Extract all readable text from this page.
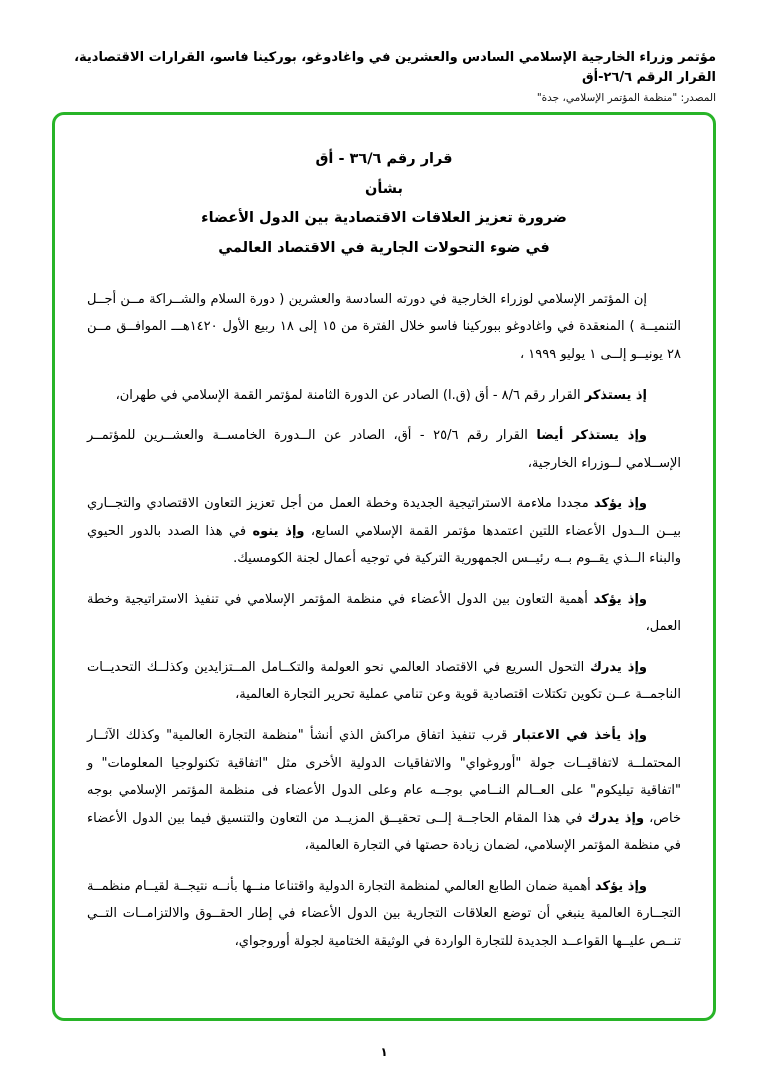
مؤتمر وزراء الخارجية الإسلامي السادس والعشرين في واغادوغو، بوركينا فاسو، القرارات الاقتصادية، القرار الرقم ٢٦/٦-أق
المصدر: "منظمة المؤتمر الإسلامي، جدة"
قرار رقم ٣٦/٦ - أق
بشأن
ضرورة تعزيز العلاقات الاقتصادية بين الدول الأعضاء
في ضوء التحولات الجارية في الاقتصاد العالمي

إن المؤتمر الإسلامي لوزراء الخارجية في دورته السادسة والعشرين ( دورة السلام والشــراكة مــن أجــل التنميــة ) المنعقدة في واغادوغو ببوركينا فاسو خلال الفترة من ١٥ إلى ١٨ ربيع الأول ١٤٢٠هـــ الموافــق مــن ٢٨ يونيــو إلــى ١ يوليو ١٩٩٩ ،

إذ يستذكر القرار رقم ٨/٦ - أق (ق.ا) الصادر عن الدورة الثامنة لمؤتمر القمة الإسلامي في طهران،

وإذ يستذكر أيضا القرار رقم ٢٥/٦ - أق، الصادر عن الــدورة الخامســة والعشــرين للمؤتمــر الإســلامي لــوزراء الخارجية،

وإذ يؤكد مجددا ملاءمة الاستراتيجية الجديدة وخطة العمل من أجل تعزيز التعاون الاقتصادي والتجــاري بيــن الــدول الأعضاء اللتين اعتمدها مؤتمر القمة الإسلامي السابع، وإذ ينوه في هذا الصدد بالدور الحيوي والبناء الــذي يقــوم بــه رئيــس الجمهورية التركية في توجيه أعمال لجنة الكومسيك.

وإذ يؤكد أهمية التعاون بين الدول الأعضاء في منظمة المؤتمر الإسلامي في تنفيذ الاستراتيجية وخطة العمل،

وإذ يدرك التحول السريع في الاقتصاد العالمي نحو العولمة والتكــامل المــتزايدين وكذلــك التحديــات الناجمــة عــن تكوين تكتلات اقتصادية قوية وعن تنامي عملية تحرير التجارة العالمية،

وإذ يأخذ في الاعتبار قرب تنفيذ اتفاق مراكش الذي أنشأ "منظمة التجارة العالمية" وكذلك الآثــار المحتملــة لاتفاقيــات جولة "أوروغواي" والاتفاقيات الدولية الأخرى مثل "اتفاقية تكنولوجيا المعلومات" و "اتفاقية تيليكوم" على العــالم النــامي بوجــه عام وعلى الدول الأعضاء فى منظمة المؤتمر الإسلامي بوجه خاص، وإذ يدرك في هذا المقام الحاجــة إلــى تحقيــق المزيــد من التعاون والتنسيق فيما بين الدول الأعضاء في منظمة المؤتمر الإسلامي، لضمان زيادة حصتها في التجارة العالمية،

وإذ يؤكد أهمية ضمان الطابع العالمي لمنظمة التجارة الدولية واقتناعا منــها بأنــه نتيجــة لقيــام منظمــة التجــارة العالمية ينبغي أن توضع العلاقات التجارية بين الدول الأعضاء في إطار الحقــوق والالتزامــات التــي تنــص عليــها القواعــد الجديدة للتجارة الواردة في الوثيقة الختامية لجولة أوروجواي،

١
